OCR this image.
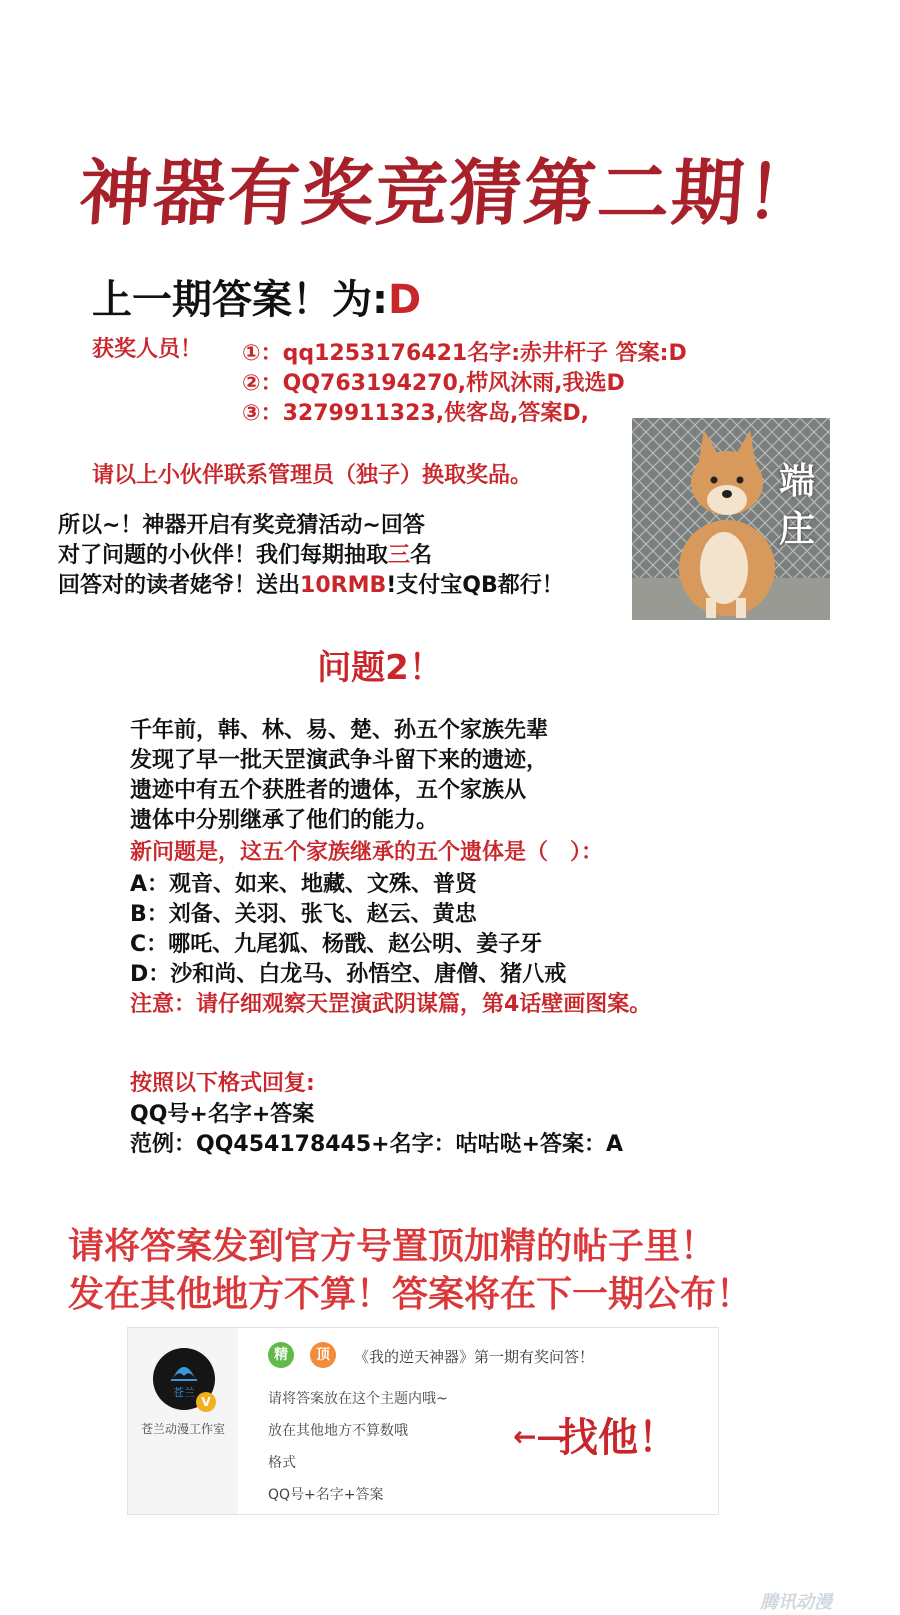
神器有奖竞猜第二期！
上一期答案！为:D
获奖人员！ ①：qq1253176421名字:赤井杆子 答案:D
②：QQ763194270,栉风沐雨,我选D
③：3279911323,侠客岛,答案D,
请以上小伙伴联系管理员（独子）换取奖品。
所以~！神器开启有奖竞猜活动~回答
对了问题的小伙伴！我们每期抽取三名
回答对的读者姥爷！送出10RMB!支付宝QB都行！
端
庄
问题2！
千年前，韩、林、易、楚、孙五个家族先辈
发现了早一批天罡演武争斗留下来的遗迹，
遗迹中有五个获胜者的遗体，五个家族从
遗体中分别继承了他们的能力。
新问题是，这五个家族继承的五个遗体是（　）：
A：观音、如来、地藏、文殊、普贤
B：刘备、关羽、张飞、赵云、黄忠
C：哪吒、九尾狐、杨戬、赵公明、姜子牙
D：沙和尚、白龙马、孙悟空、唐僧、猪八戒
注意：请仔细观察天罡演武阴谋篇，第4话壁画图案。
按照以下格式回复:
QQ号+名字+答案
范例：QQ454178445+名字：咕咕哒+答案：A
请将答案发到官方号置顶加精的帖子里！
发在其他地方不算！答案将在下一期公布！
苍兰
V
苍兰动漫工作室
精	顶	《我的逆天神器》第一期有奖问答！
请将答案放在这个主题内哦~
放在其他地方不算数哦
格式
QQ号+名字+答案
←—
找他！
腾讯动漫
